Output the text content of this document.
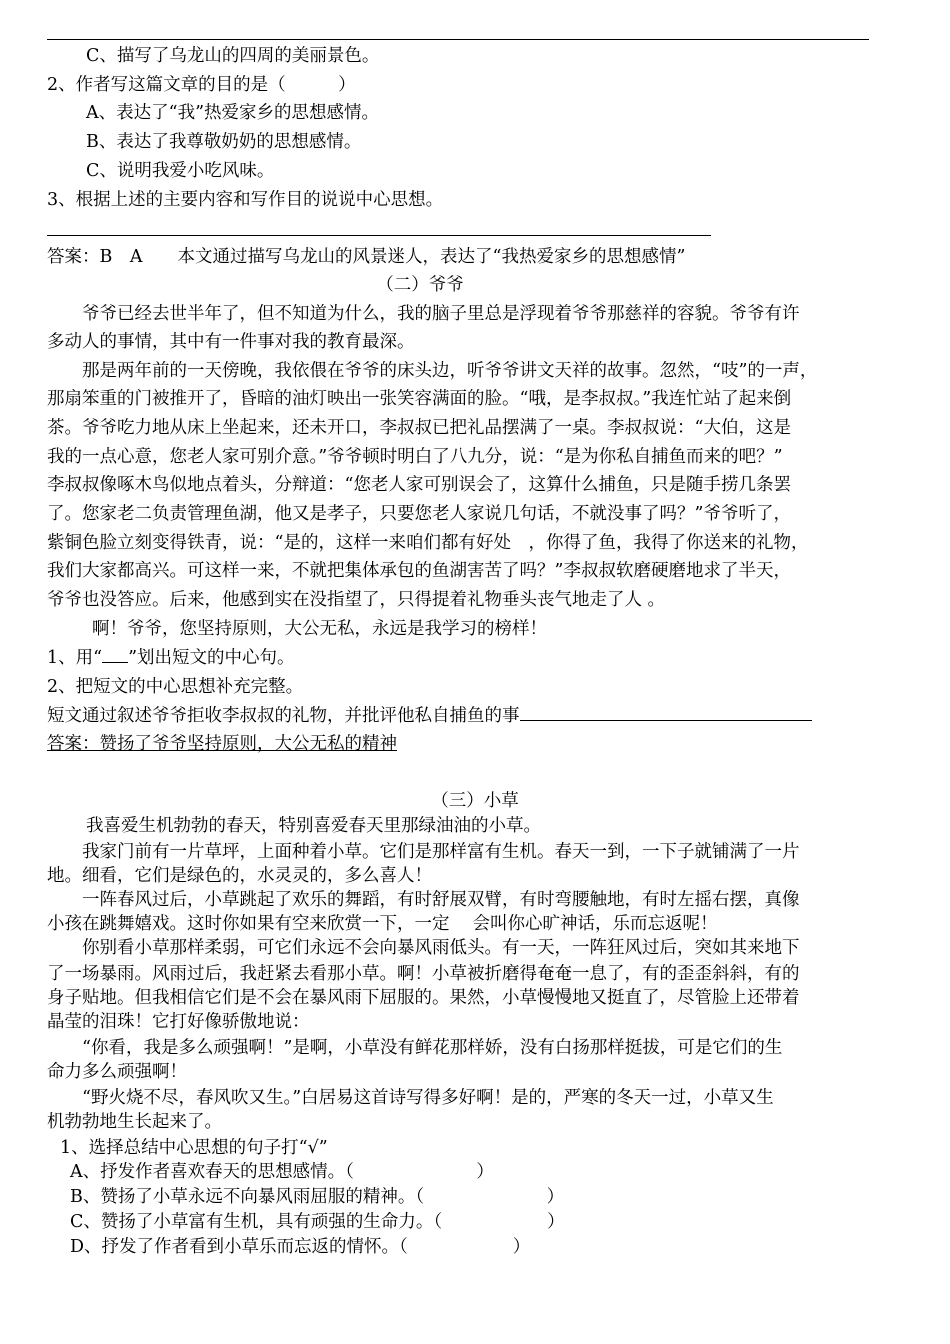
C、描写了乌龙山的四周的美丽景色。
2、作者写这篇文章的目的是（　　　）
A、表达了“我”热爱家乡的思想感情。
B、表达了我尊敬奶奶的思想感情。
C、说明我爱小吃风味。
3、根据上述的主要内容和写作目的说说中心思想。
答案：B　A　　本文通过描写乌龙山的风景迷人，表达了“我热爱家乡的思想感情”
（二）爷爷
　　爷爷已经去世半年了，但不知道为什么，我的脑子里总是浮现着爷爷那慈祥的容貌。爷爷有许
多动人的事情，其中有一件事对我的教育最深。
　　那是两年前的一天傍晚，我依偎在爷爷的床头边，听爷爷讲文天祥的故事。忽然，“吱”的一声，
那扇笨重的门被推开了，昏暗的油灯映出一张笑容满面的脸。“哦，是李叔叔。”我连忙站了起来倒
茶。爷爷吃力地从床上坐起来，还未开口，李叔叔已把礼品摆满了一桌。李叔叔说：“大伯，这是
我的一点心意，您老人家可别介意。”爷爷顿时明白了八九分，说：“是为你私自捕鱼而来的吧？”
李叔叔像啄木鸟似地点着头，分辩道：“您老人家可别误会了，这算什么捕鱼，只是随手捞几条罢
了。您家老二负责管理鱼湖，他又是孝子，只要您老人家说几句话，不就没事了吗？”爷爷听了，
紫铜色脸立刻变得铁青，说：“是的，这样一来咱们都有好处　，你得了鱼，我得了你送来的礼物，
我们大家都高兴。可这样一来，不就把集体承包的鱼湖害苦了吗？”李叔叔软磨硬磨地求了半天，
爷爷也没答应。后来，他感到实在没指望了，只得提着礼物垂头丧气地走了人 。
啊！爷爷，您坚持原则，大公无私，永远是我学习的榜样！
1、用“ ”划出短文的中心句。
2、把短文的中心思想补充完整。
短文通过叙述爷爷拒收李叔叔的礼物，并批评他私自捕鱼的事
答案：赞扬了爷爷坚持原则，大公无私的精神
（三）小草
我喜爱生机勃勃的春天，特别喜爱春天里那绿油油的小草。
　　我家门前有一片草坪，上面种着小草。它们是那样富有生机。春天一到，一下子就铺满了一片
地。细看，它们是绿色的，水灵灵的，多么喜人！
　　一阵春风过后，小草跳起了欢乐的舞蹈，有时舒展双臂，有时弯腰触地，有时左摇右摆，真像
小孩在跳舞嬉戏。这时你如果有空来欣赏一下，一定　 会叫你心旷神话，乐而忘返呢！
　　你别看小草那样柔弱，可它们永远不会向暴风雨低头。有一天，一阵狂风过后，突如其来地下
了一场暴雨。风雨过后，我赶紧去看那小草。啊！小草被折磨得奄奄一息了，有的歪歪斜斜，有的
身子贴地。但我相信它们是不会在暴风雨下屈服的。果然，小草慢慢地又挺直了，尽管脸上还带着
晶莹的泪珠！它打好像骄傲地说：
　　“你看，我是多么顽强啊！”是啊，小草没有鲜花那样娇，没有白扬那样挺拔，可是它们的生
命力多么顽强啊！
　　“野火烧不尽，春风吹又生。”白居易这首诗写得多好啊！是的，严寒的冬天一过，小草又生
机勃勃地生长起来了。
1、选择总结中心思想的句子打“√”
A、抒发作者喜欢春天的思想感情。（　　　　　　　）
B、赞扬了小草永远不向暴风雨屈服的精神。（　　　　　　　）
C、赞扬了小草富有生机，具有顽强的生命力。（　　　　　　）
D、抒发了作者看到小草乐而忘返的情怀。（　　　　　　）
